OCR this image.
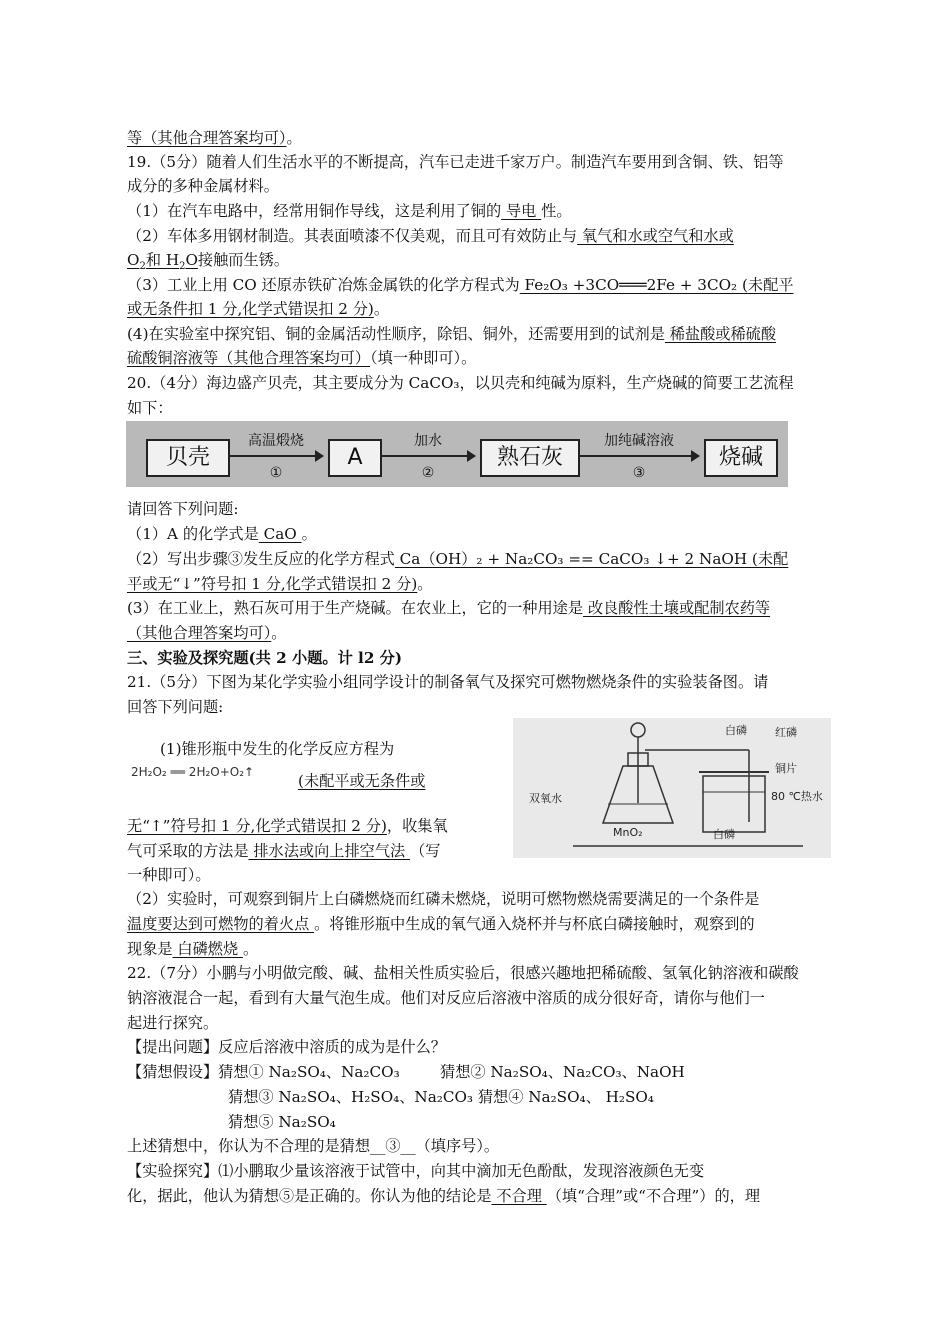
等（其他合理答案均可）。
19.（5分）随着人们生活水平的不断提高，汽车已走进千家万户。制造汽车要用到含铜、铁、铝等
成分的多种金属材料。
（1）在汽车电路中，经常用铜作导线，这是利用了铜的 导电 性。
（2）车体多用钢材制造。其表面喷漆不仅美观，而且可有效防止与 氧气和水或空气和水或
$O_2$和 $H_2O$接触而生锈。
（3）工业上用 CO 还原赤铁矿冶炼金属铁的化学方程式为 Fe₂O₃ +3CO═══2Fe + 3CO₂ (未配平
或无条件扣 1 分,化学式错误扣 2 分)。
(4)在实验室中探究铝、铜的金属活动性顺序，除铝、铜外，还需要用到的试剂是 稀盐酸或稀硫酸
硫酸铜溶液等（其他合理答案均可）（填一种即可）。
20.（4分）海边盛产贝壳，其主要成分为 CaCO₃，以贝壳和纯碱为原料，生产烧碱的简要工艺流程
如下：
贝壳
高温煅烧
①
A
加水
②
熟石灰
加纯碱溶液
③
烧碱
请回答下列问题:
（1）A 的化学式是 CaO 。
（2）写出步骤③发生反应的化学方程式 Ca（OH）₂ + Na₂CO₃ == CaCO₃ ↓+ 2 NaOH (未配
平或无“↓”符号扣 1 分,化学式错误扣 2 分)。
(3）在工业上，熟石灰可用于生产烧碱。在农业上，它的一种用途是 改良酸性土壤或配制农药等
（其他合理答案均可）。
三、实验及探究题(共 2 小题。计 l2 分)
21.（5分）下图为某化学实验小组同学设计的制备氧气及探究可燃物燃烧条件的实验装备图。请
回答下列问题:
(1)锥形瓶中发生的化学反应方程为
2H₂O₂ ══ 2H₂O+O₂↑	(未配平或无条件或
无“↑”符号扣 1 分,化学式错误扣 2 分)，收集氧
气可采取的方法是 排水法或向上排空气法 （写
一种即可）。
白磷	红磷
铜片
80 ℃热水
双氧水
MnO₂	白磷
（2）实验时，可观察到铜片上白磷燃烧而红磷未燃烧，说明可燃物燃烧需要满足的一个条件是
温度要达到可燃物的着火点 。将锥形瓶中生成的氧气通入烧杯并与杯底白磷接触时，观察到的
现象是 白磷燃烧 。
22.（7分）小鹏与小明做完酸、碱、盐相关性质实验后，很感兴趣地把稀硫酸、氢氧化钠溶液和碳酸
钠溶液混合一起，看到有大量气泡生成。他们对反应后溶液中溶质的成分很好奇，请你与他们一
起进行探究。
【提出问题】反应后溶液中溶质的成为是什么？
【猜想假设】猜想① Na₂SO₄、Na₂CO₃	猜想② Na₂SO₄、Na₂CO₃、NaOH
猜想③ Na₂SO₄、H₂SO₄、Na₂CO₃ 猜想④ Na₂SO₄、 H₂SO₄
猜想⑤ Na₂SO₄
上述猜想中，你认为不合理的是猜想__③__（填序号）。
【实验探究】⑴小鹏取少量该溶液于试管中，向其中滴加无色酚酞，发现溶液颜色无变
化，据此，他认为猜想⑤是正确的。你认为他的结论是 不合理 （填“合理”或“不合理”）的，理
